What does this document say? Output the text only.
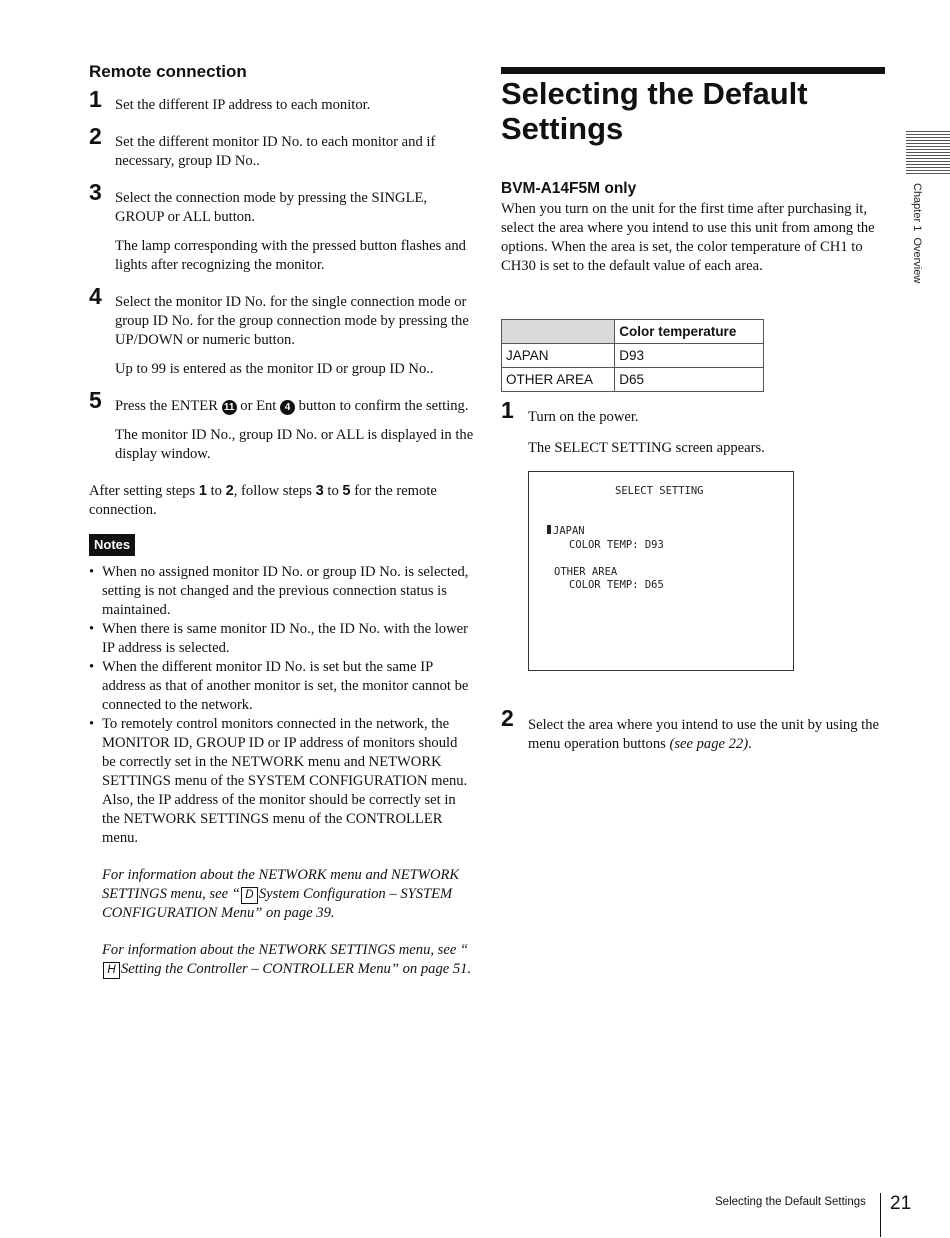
Remote connection
1 Set the different IP address to each monitor.

2 Set the different monitor ID No. to each monitor and if necessary, group ID No..

3 Select the connection mode by pressing the SINGLE, GROUP or ALL button.

The lamp corresponding with the pressed button flashes and lights after recognizing the monitor.

4 Select the monitor ID No. for the single connection mode or group ID No. for the group connection mode by pressing the UP/DOWN or numeric button.

Up to 99 is entered as the monitor ID or group ID No..

5 Press the ENTER 11 or Ent 4 button to confirm the setting.

The monitor ID No., group ID No. or ALL is displayed in the display window.

After setting steps 1 to 2, follow steps 3 to 5 for the remote connection.

Notes
• When no assigned monitor ID No. or group ID No. is selected, setting is not changed and the previous connection status is maintained.
• When there is same monitor ID No., the ID No. with the lower IP address is selected.
• When the different monitor ID No. is set but the same IP address as that of another monitor is set, the monitor cannot be connected to the network.
• To remotely control monitors connected in the network, the MONITOR ID, GROUP ID or IP address of monitors should be correctly set in the NETWORK menu and NETWORK SETTINGS menu of the SYSTEM CONFIGURATION menu. Also, the IP address of the monitor should be correctly set in the NETWORK SETTINGS menu of the CONTROLLER menu.

For information about the NETWORK menu and NETWORK SETTINGS menu, see “ D System Configuration – SYSTEM CONFIGURATION Menu” on page 39.

For information about the NETWORK SETTINGS menu, see “H Setting the Controller – CONTROLLER Menu” on page 51.

Selecting the Default Settings
BVM-A14F5M only

When you turn on the unit for the first time after purchasing it, select the area where you intend to use this unit from among the options. When the area is set, the color temperature of CH1 to CH30 is set to the default value of each area.

	Color temperature
JAPAN	D93
OTHER AREA	D65
1 Turn on the power.

The SELECT SETTING screen appears.

SELECT SETTING
JAPAN
COLOR TEMP: D93
OTHER AREA
COLOR TEMP: D65
2 Select the area where you intend to use the unit by using the menu operation buttons (see page 22).

Chapter 1  Overview
Selecting the Default Settings 21
